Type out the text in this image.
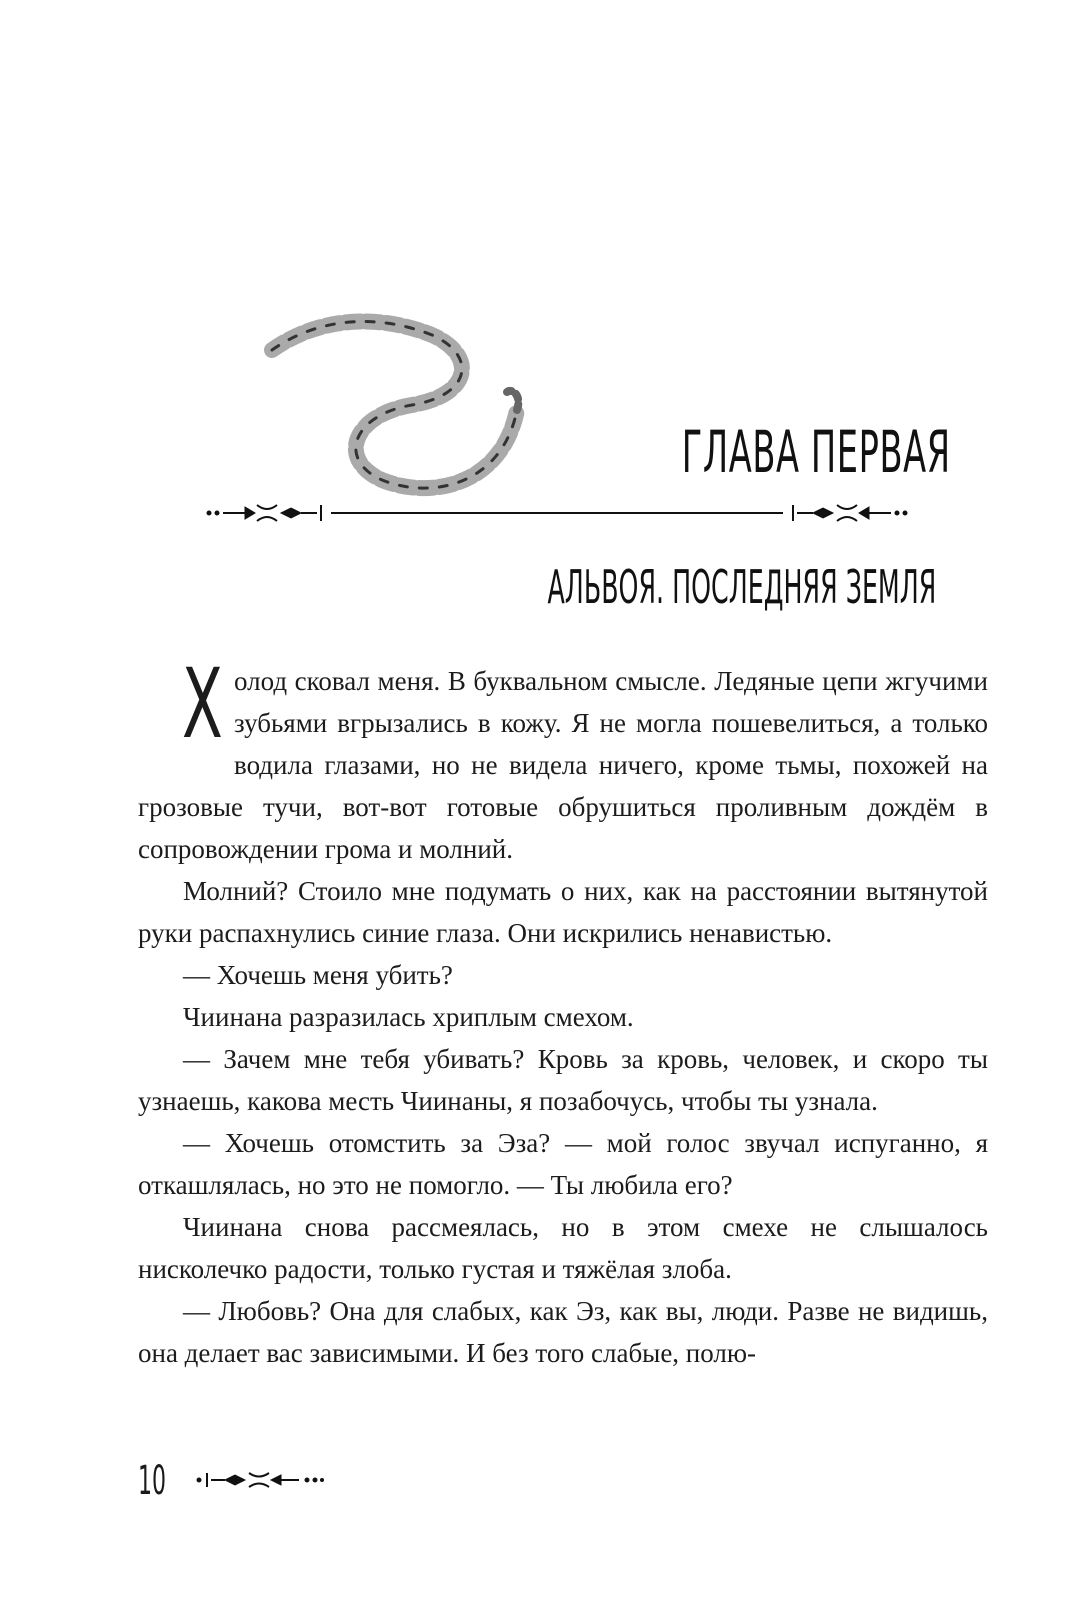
ГЛАВА ПЕРВАЯ
АЛЬВОЯ. ПОСЛЕДНЯЯ ЗЕМЛЯ

Х олод сковал меня. В буквальном смысле. Ледяные цепи жгучими зубьями вгрызались в кожу. Я не могла пошевелиться, а только водила глазами, но не видела ничего, кроме тьмы, похожей на грозовые тучи, вот-вот готовые обрушиться проливным дождём в сопровождении грома и молний.

Молний? Стоило мне подумать о них, как на расстоянии вытянутой руки распахнулись синие глаза. Они искрились ненавистью.

— Хочешь меня убить?

Чиинана разразилась хриплым смехом.

— Зачем мне тебя убивать? Кровь за кровь, человек, и скоро ты узнаешь, какова месть Чиинаны, я позабочусь, чтобы ты узнала.

— Хочешь отомстить за Эза? — мой голос звучал испуганно, я откашлялась, но это не помогло. — Ты любила его?

Чиинана снова рассмеялась, но в этом смехе не слышалось нисколечко радости, только густая и тяжёлая злоба.

— Любовь? Она для слабых, как Эз, как вы, люди. Разве не видишь, она делает вас зависимыми. И без того слабые, полю-

10
